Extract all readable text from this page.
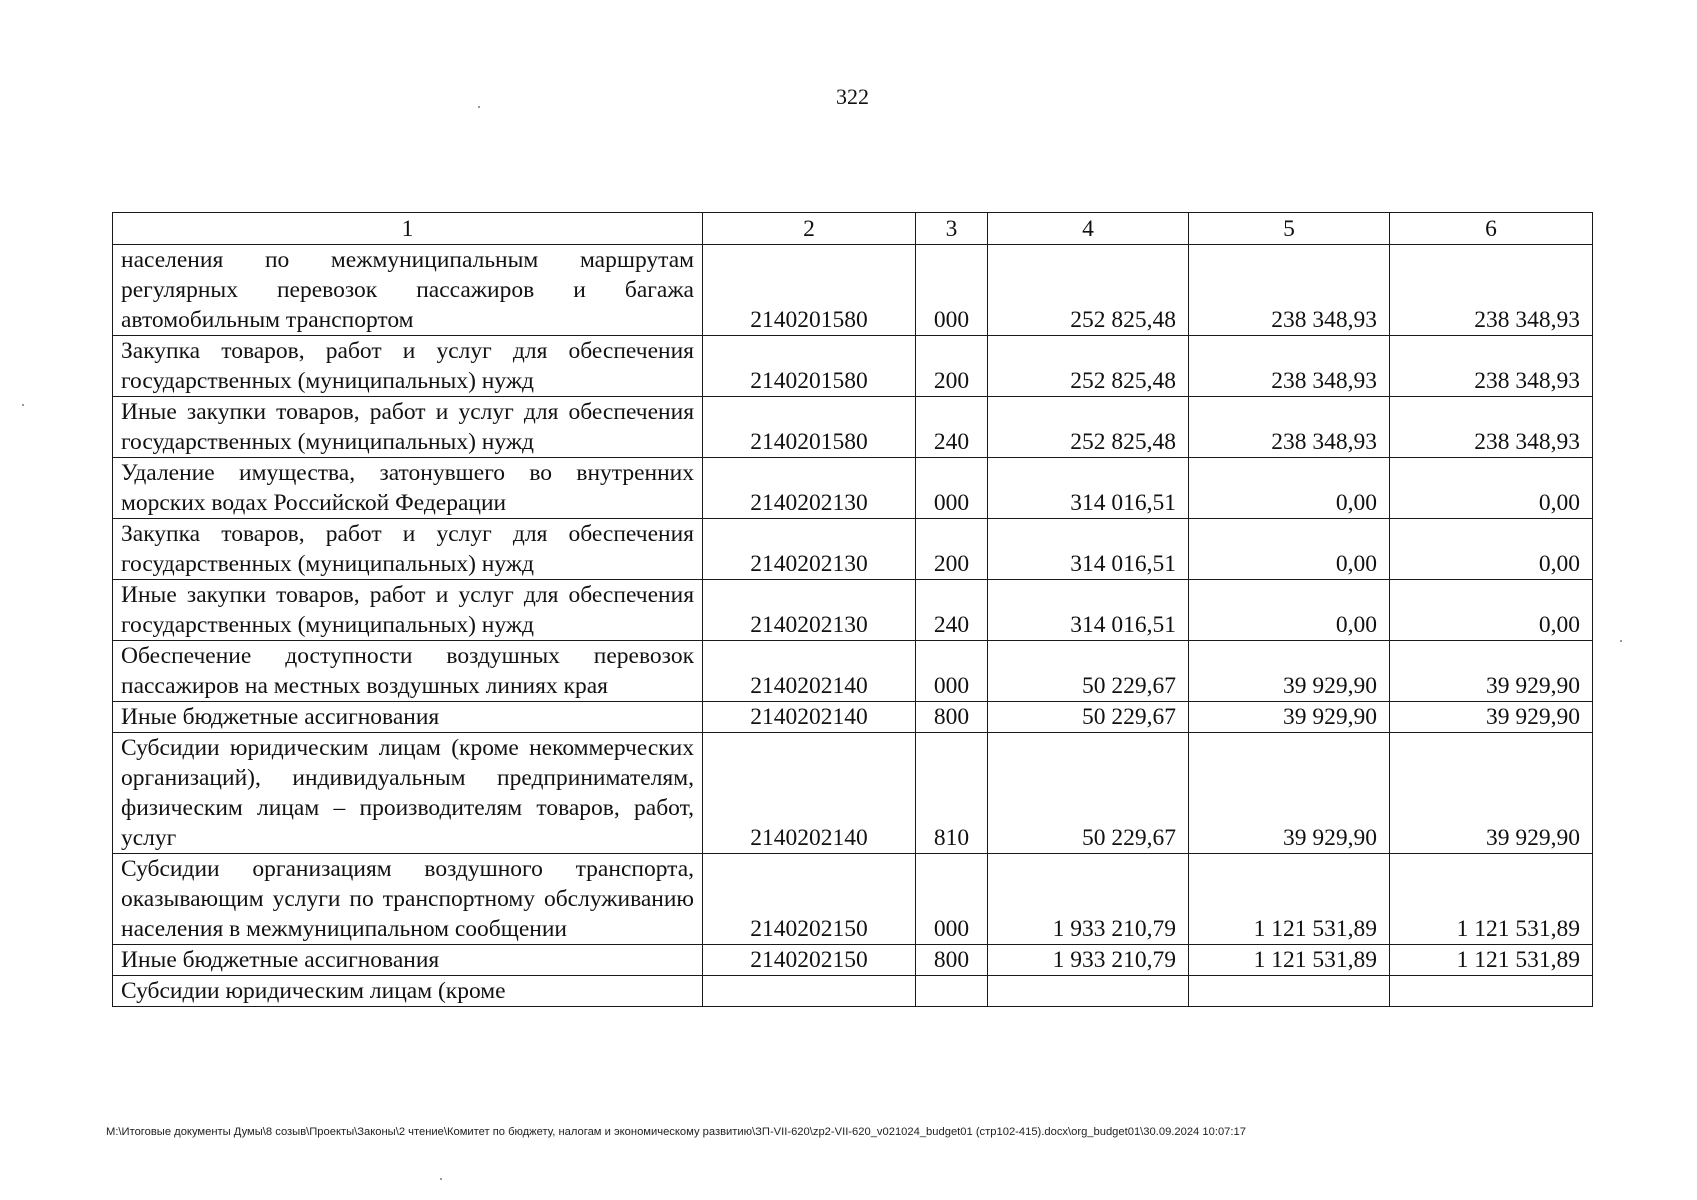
322
1	2	3	4	5	6
населения по межмуниципальным маршрутам регулярных перевозок пассажиров и багажа автомобильным транспортом	2140201580	000	252 825,48	238 348,93	238 348,93
Закупка товаров, работ и услуг для обеспечения государственных (муниципальных) нужд	2140201580	200	252 825,48	238 348,93	238 348,93
Иные закупки товаров, работ и услуг для обеспечения государственных (муниципальных) нужд	2140201580	240	252 825,48	238 348,93	238 348,93
Удаление имущества, затонувшего во внутренних морских водах Российской Федерации	2140202130	000	314 016,51	0,00	0,00
Закупка товаров, работ и услуг для обеспечения государственных (муниципальных) нужд	2140202130	200	314 016,51	0,00	0,00
Иные закупки товаров, работ и услуг для обеспечения государственных (муниципальных) нужд	2140202130	240	314 016,51	0,00	0,00
Обеспечение доступности воздушных перевозок пассажиров на местных воздушных линиях края	2140202140	000	50 229,67	39 929,90	39 929,90
Иные бюджетные ассигнования	2140202140	800	50 229,67	39 929,90	39 929,90
Субсидии юридическим лицам (кроме некоммерческих организаций), индивидуальным предпринимателям, физическим лицам – производителям товаров, работ, услуг	2140202140	810	50 229,67	39 929,90	39 929,90
Субсидии организациям воздушного транспорта, оказывающим услуги по транспортному обслуживанию населения в межмуниципальном сообщении	2140202150	000	1 933 210,79	1 121 531,89	1 121 531,89
Иные бюджетные ассигнования	2140202150	800	1 933 210,79	1 121 531,89	1 121 531,89
Субсидии юридическим лицам (кроме					
M:\Итоговые документы Думы\8 созыв\Проекты\Законы\2 чтение\Комитет по бюджету, налогам и экономическому развитию\ЗП-VII-620\zp2-VII-620_v021024_budget01 (стр102-415).docx\org_budget01\30.09.2024 10:07:17
